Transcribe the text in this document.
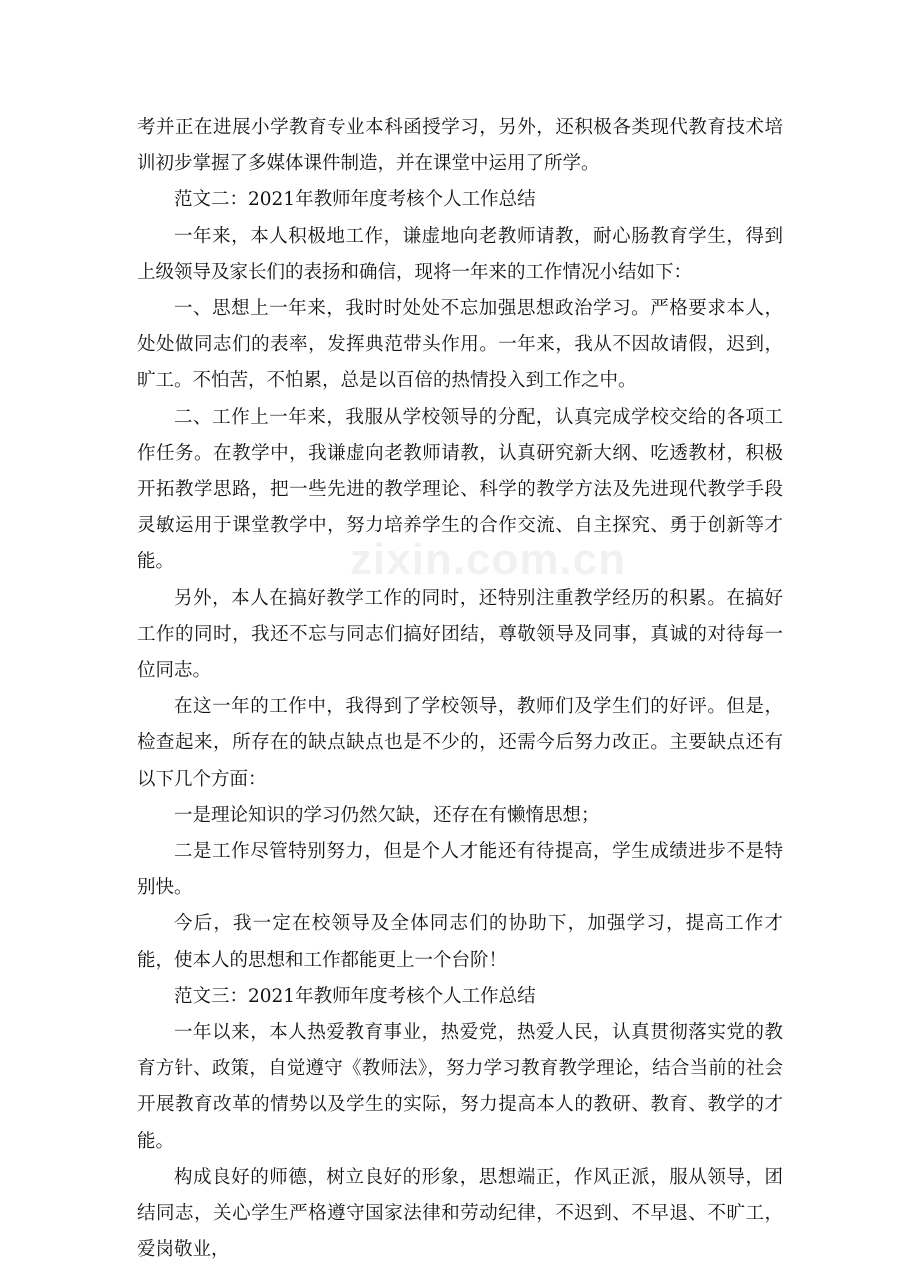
考并正在进展小学教育专业本科函授学习，另外，还积极各类现代教育技术培训初步掌握了多媒体课件制造，并在课堂中运用了所学。

范文二：2021年教师年度考核个人工作总结

一年来，本人积极地工作，谦虚地向老教师请教，耐心肠教育学生，得到上级领导及家长们的表扬和确信，现将一年来的工作情况小结如下：

一、思想上一年来，我时时处处不忘加强思想政治学习。严格要求本人，处处做同志们的表率，发挥典范带头作用。一年来，我从不因故请假，迟到，旷工。不怕苦，不怕累，总是以百倍的热情投入到工作之中。

二、工作上一年来，我服从学校领导的分配，认真完成学校交给的各项工作任务。在教学中，我谦虚向老教师请教，认真研究新大纲、吃透教材，积极开拓教学思路，把一些先进的教学理论、科学的教学方法及先进现代教学手段灵敏运用于课堂教学中，努力培养学生的合作交流、自主探究、勇于创新等才能。

另外，本人在搞好教学工作的同时，还特别注重教学经历的积累。在搞好工作的同时，我还不忘与同志们搞好团结，尊敬领导及同事，真诚的对待每一位同志。

在这一年的工作中，我得到了学校领导，教师们及学生们的好评。但是，检查起来，所存在的缺点缺点也是不少的，还需今后努力改正。主要缺点还有以下几个方面：

一是理论知识的学习仍然欠缺，还存在有懒惰思想；

二是工作尽管特别努力，但是个人才能还有待提高，学生成绩进步不是特别快。

今后，我一定在校领导及全体同志们的协助下，加强学习，提高工作才能，使本人的思想和工作都能更上一个台阶！

范文三：2021年教师年度考核个人工作总结

一年以来，本人热爱教育事业，热爱党，热爱人民，认真贯彻落实党的教育方针、政策，自觉遵守《教师法》，努力学习教育教学理论，结合当前的社会开展教育改革的情势以及学生的实际，努力提高本人的教研、教育、教学的才能。

构成良好的师德，树立良好的形象，思想端正，作风正派，服从领导，团结同志，关心学生严格遵守国家法律和劳动纪律，不迟到、不早退、不旷工，爱岗敬业，

zixin.com.cn
